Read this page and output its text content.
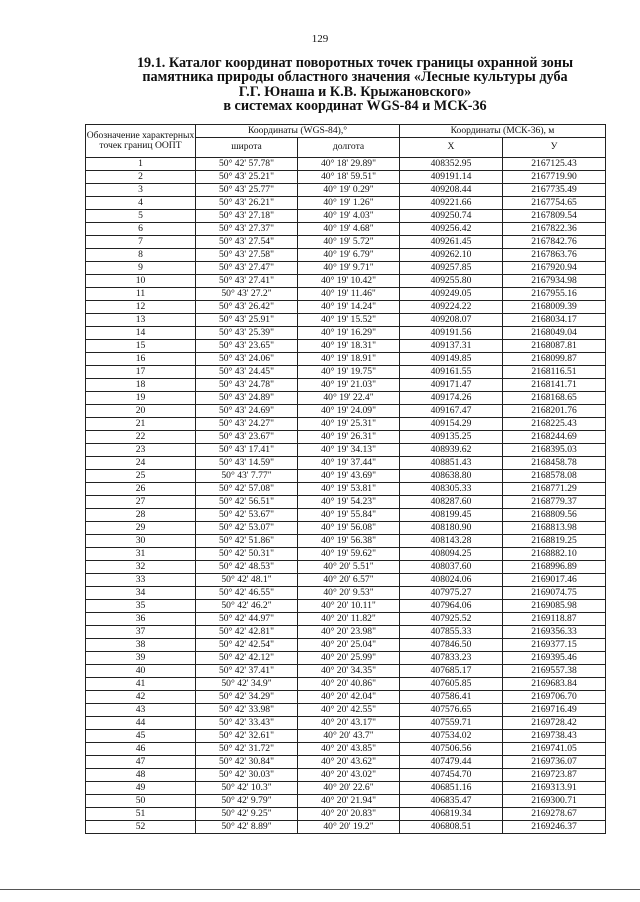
129
19.1. Каталог координат поворотных точек границы охранной зоны
памятника природы областного значения «Лесные культуры дуба
Г.Г. Юнаша и К.В. Крыжановского»
в системах координат WGS-84 и МСК-36
Обозначение характерных точек границ ООПТ	Координаты (WGS-84),°		Координаты (МСК-36), м	
	широта	долгота	X	У
1	50° 42' 57.78"	40° 18' 29.89"	408352.95	2167125.43
2	50° 43' 25.21"	40° 18' 59.51"	409191.14	2167719.90
3	50° 43' 25.77"	40° 19' 0.29"	409208.44	2167735.49
4	50° 43' 26.21"	40° 19' 1.26"	409221.66	2167754.65
5	50° 43' 27.18"	40° 19' 4.03"	409250.74	2167809.54
6	50° 43' 27.37"	40° 19' 4.68"	409256.42	2167822.36
7	50° 43' 27.54"	40° 19' 5.72"	409261.45	2167842.76
8	50° 43' 27.58"	40° 19' 6.79"	409262.10	2167863.76
9	50° 43' 27.47"	40° 19' 9.71"	409257.85	2167920.94
10	50° 43' 27.41"	40° 19' 10.42"	409255.80	2167934.98
11	50° 43' 27.2"	40° 19' 11.46"	409249.05	2167955.16
12	50° 43' 26.42"	40° 19' 14.24"	409224.22	2168009.39
13	50° 43' 25.91"	40° 19' 15.52"	409208.07	2168034.17
14	50° 43' 25.39"	40° 19' 16.29"	409191.56	2168049.04
15	50° 43' 23.65"	40° 19' 18.31"	409137.31	2168087.81
16	50° 43' 24.06"	40° 19' 18.91"	409149.85	2168099.87
17	50° 43' 24.45"	40° 19' 19.75"	409161.55	2168116.51
18	50° 43' 24.78"	40° 19' 21.03"	409171.47	2168141.71
19	50° 43' 24.89"	40° 19' 22.4"	409174.26	2168168.65
20	50° 43' 24.69"	40° 19' 24.09"	409167.47	2168201.76
21	50° 43' 24.27"	40° 19' 25.31"	409154.29	2168225.43
22	50° 43' 23.67"	40° 19' 26.31"	409135.25	2168244.69
23	50° 43' 17.41"	40° 19' 34.13"	408939.62	2168395.03
24	50° 43' 14.59"	40° 19' 37.44"	408851.43	2168458.78
25	50° 43' 7.77"	40° 19' 43.69"	408638.80	2168578.08
26	50° 42' 57.08"	40° 19' 53.81"	408305.33	2168771.29
27	50° 42' 56.51"	40° 19' 54.23"	408287.60	2168779.37
28	50° 42' 53.67"	40° 19' 55.84"	408199.45	2168809.56
29	50° 42' 53.07"	40° 19' 56.08"	408180.90	2168813.98
30	50° 42' 51.86"	40° 19' 56.38"	408143.28	2168819.25
31	50° 42' 50.31"	40° 19' 59.62"	408094.25	2168882.10
32	50° 42' 48.53"	40° 20' 5.51"	408037.60	2168996.89
33	50° 42' 48.1"	40° 20' 6.57"	408024.06	2169017.46
34	50° 42' 46.55"	40° 20' 9.53"	407975.27	2169074.75
35	50° 42' 46.2"	40° 20' 10.11"	407964.06	2169085.98
36	50° 42' 44.97"	40° 20' 11.82"	407925.52	2169118.87
37	50° 42' 42.81"	40° 20' 23.98"	407855.33	2169356.33
38	50° 42' 42.54"	40° 20' 25.04"	407846.50	2169377.15
39	50° 42' 42.12"	40° 20' 25.99"	407833.23	2169395.46
40	50° 42' 37.41"	40° 20' 34.35"	407685.17	2169557.38
41	50° 42' 34.9"	40° 20' 40.86"	407605.85	2169683.84
42	50° 42' 34.29"	40° 20' 42.04"	407586.41	2169706.70
43	50° 42' 33.98"	40° 20' 42.55"	407576.65	2169716.49
44	50° 42' 33.43"	40° 20' 43.17"	407559.71	2169728.42
45	50° 42' 32.61"	40° 20' 43.7"	407534.02	2169738.43
46	50° 42' 31.72"	40° 20' 43.85"	407506.56	2169741.05
47	50° 42' 30.84"	40° 20' 43.62"	407479.44	2169736.07
48	50° 42' 30.03"	40° 20' 43.02"	407454.70	2169723.87
49	50° 42' 10.3"	40° 20' 22.6"	406851.16	2169313.91
50	50° 42' 9.79"	40° 20' 21.94"	406835.47	2169300.71
51	50° 42' 9.25"	40° 20' 20.83"	406819.34	2169278.67
52	50° 42' 8.89"	40° 20' 19.2"	406808.51	2169246.37
